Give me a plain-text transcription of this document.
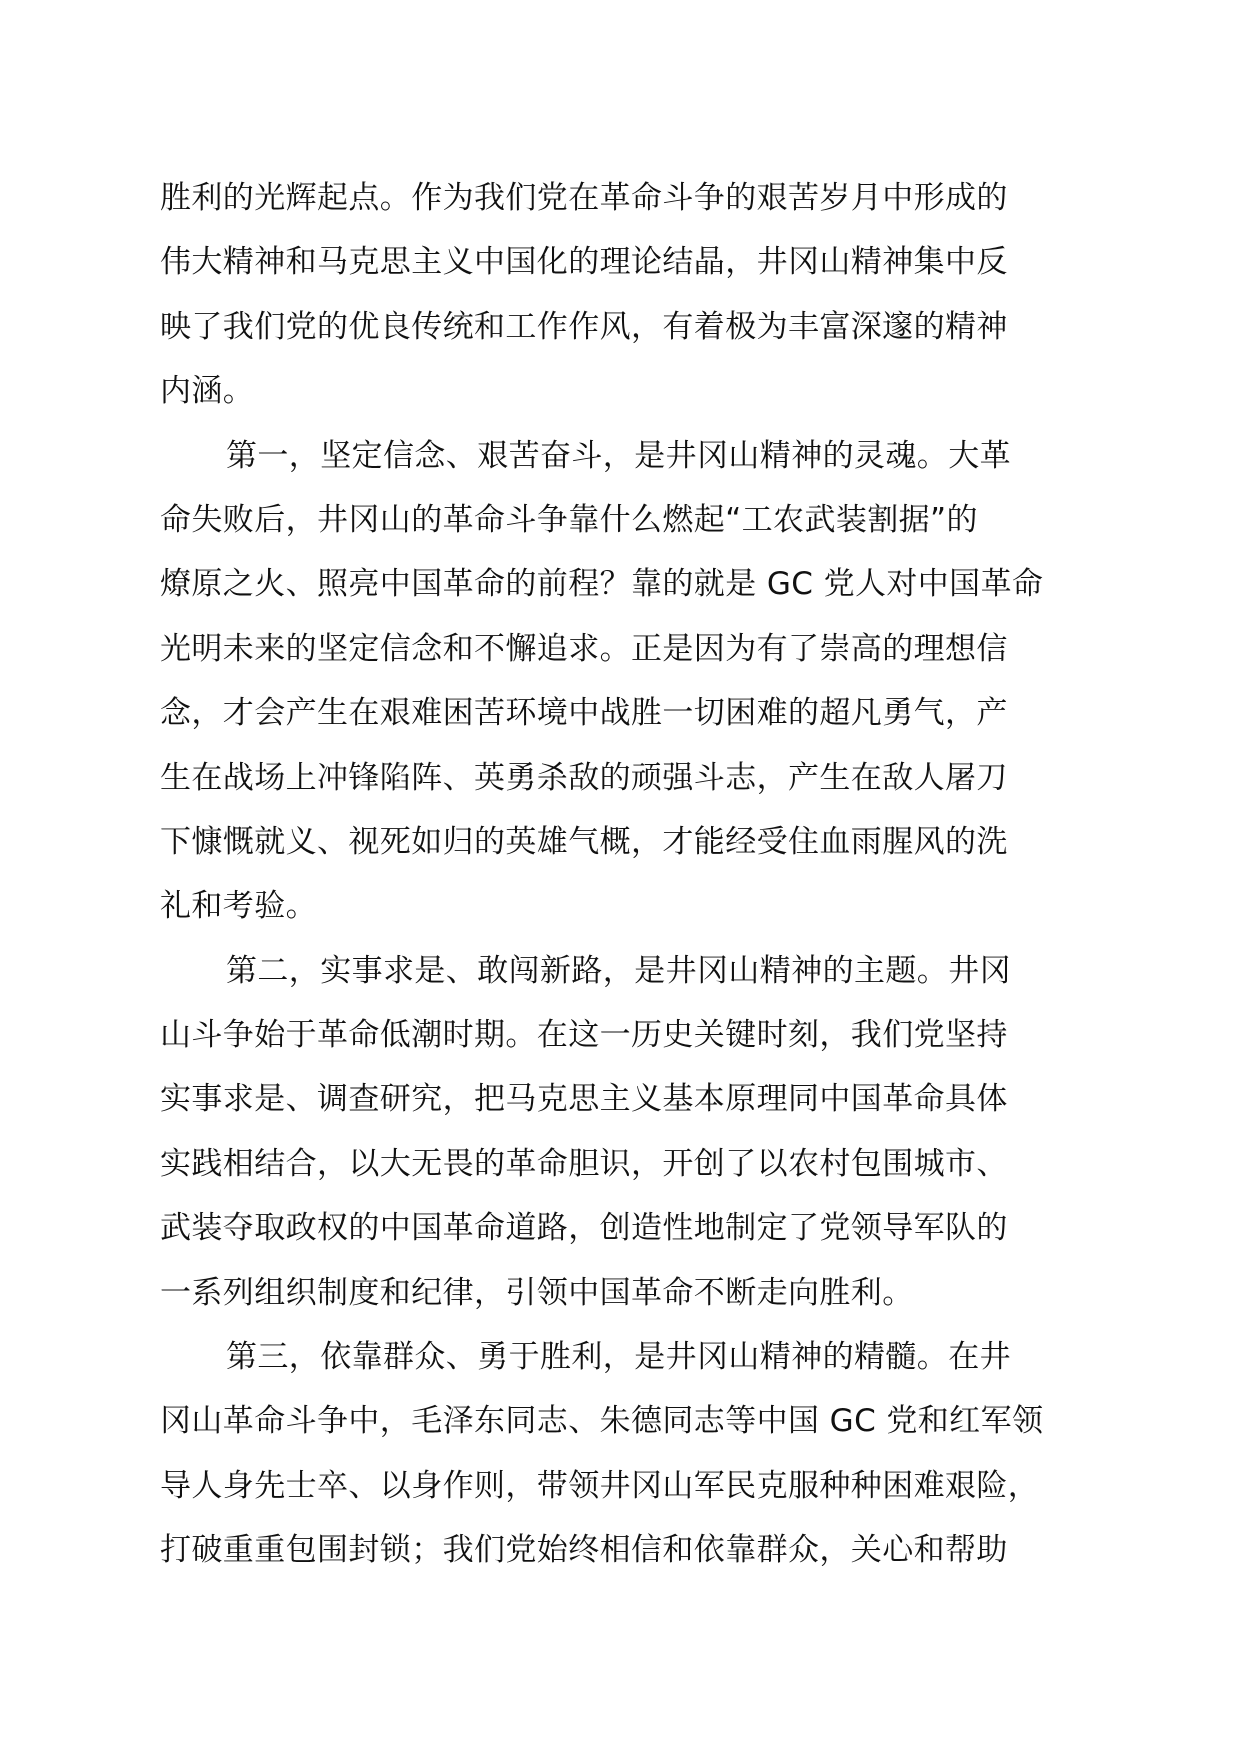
胜利的光辉起点。作为我们党在革命斗争的艰苦岁月中形成的
伟大精神和马克思主义中国化的理论结晶，井冈山精神集中反
映了我们党的优良传统和工作作风，有着极为丰富深邃的精神
内涵。
第一，坚定信念、艰苦奋斗，是井冈山精神的灵魂。大革
命失败后，井冈山的革命斗争靠什么燃起“工农武装割据”的
燎原之火、照亮中国革命的前程？靠的就是 GC 党人对中国革命
光明未来的坚定信念和不懈追求。正是因为有了崇高的理想信
念，才会产生在艰难困苦环境中战胜一切困难的超凡勇气，产
生在战场上冲锋陷阵、英勇杀敌的顽强斗志，产生在敌人屠刀
下慷慨就义、视死如归的英雄气概，才能经受住血雨腥风的洗
礼和考验。
第二，实事求是、敢闯新路，是井冈山精神的主题。井冈
山斗争始于革命低潮时期。在这一历史关键时刻，我们党坚持
实事求是、调查研究，把马克思主义基本原理同中国革命具体
实践相结合，以大无畏的革命胆识，开创了以农村包围城市、
武装夺取政权的中国革命道路，创造性地制定了党领导军队的
一系列组织制度和纪律，引领中国革命不断走向胜利。
第三，依靠群众、勇于胜利，是井冈山精神的精髓。在井
冈山革命斗争中，毛泽东同志、朱德同志等中国 GC 党和红军领
导人身先士卒、以身作则，带领井冈山军民克服种种困难艰险，
打破重重包围封锁；我们党始终相信和依靠群众，关心和帮助
